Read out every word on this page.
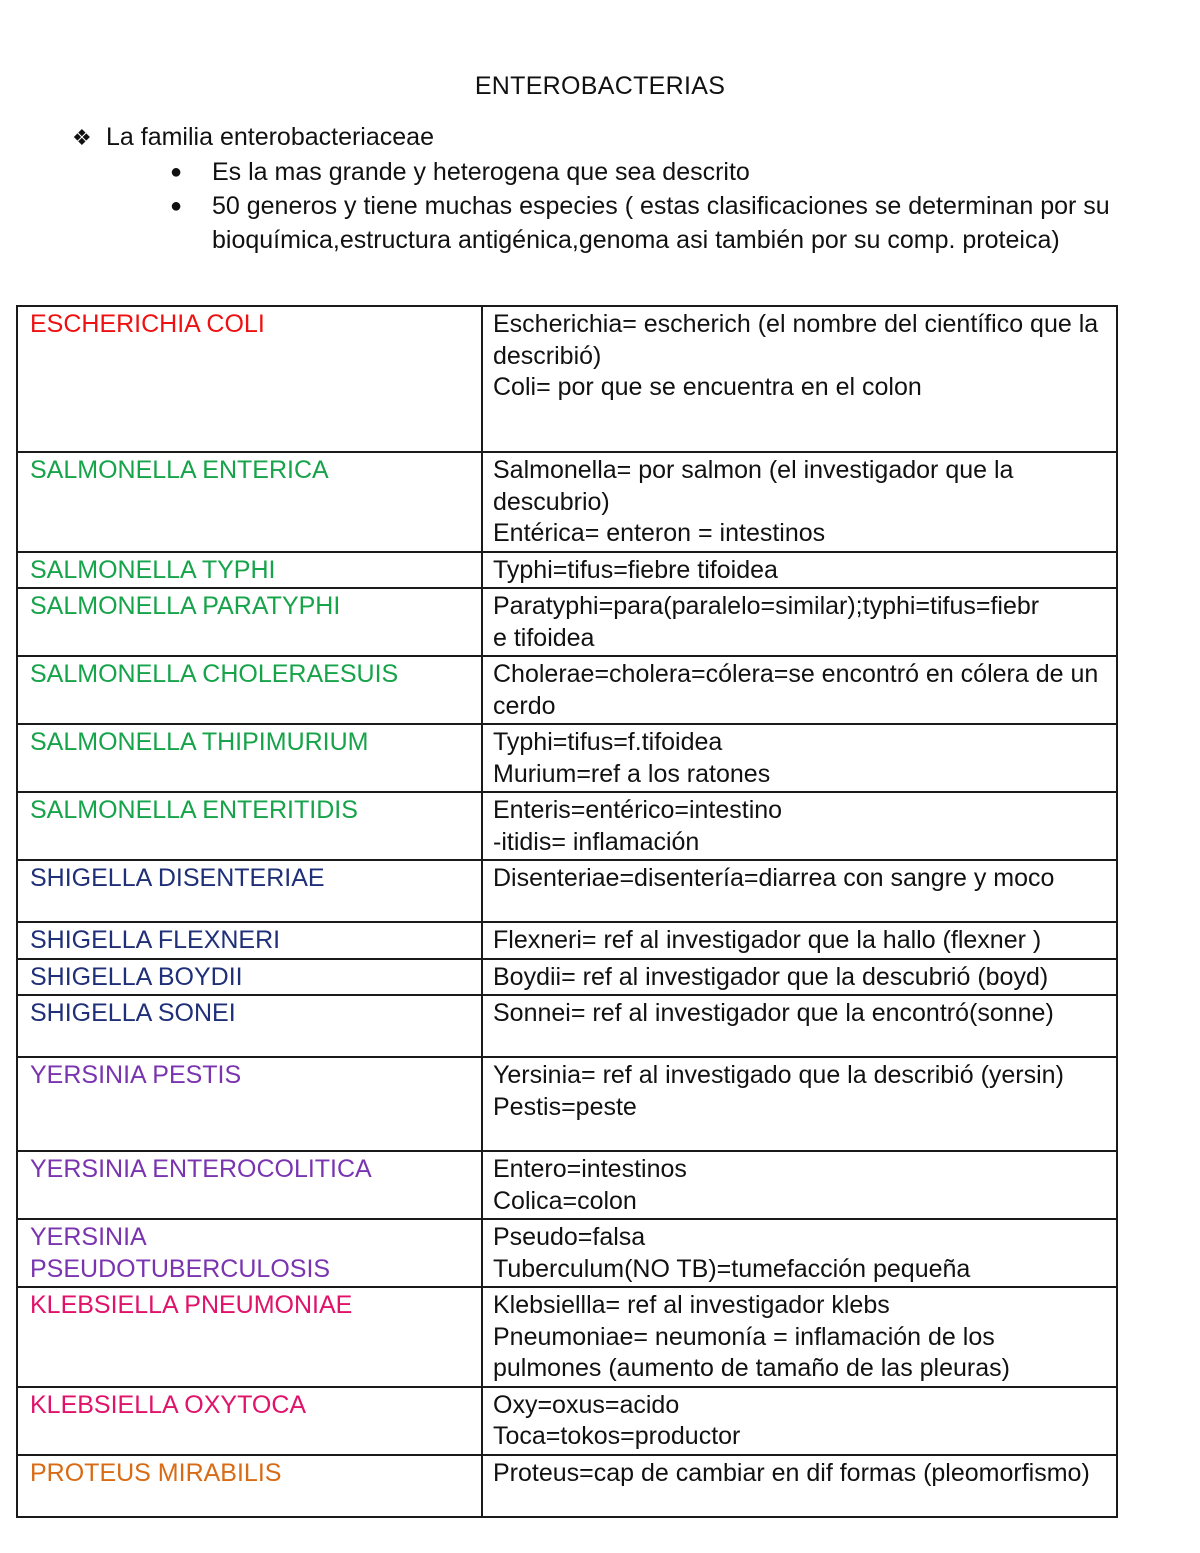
ENTEROBACTERIAS
❖ La familia enterobacteriaceae
●	Es la mas grande y heterogena que sea descrito
●	50 generos y tiene muchas especies ( estas clasificaciones se determinan por su bioquímica,estructura antigénica,genoma asi también por su comp. proteica)
ESCHERICHIA COLI	Escherichia= escherich (el nombre del científico que la describió)
Coli= por que se encuentra en el colon

SALMONELLA ENTERICA	Salmonella= por salmon (el investigador que la descubrio)
Entérica= enteron = intestinos

SALMONELLA TYPHI	Typhi=tifus=fiebre tifoidea

SALMONELLA PARATYPHI	Paratyphi=para(paralelo=similar);typhi=tifus=fiebr
e tifoidea

SALMONELLA CHOLERAESUIS	Cholerae=cholera=cólera=se encontró en cólera de un cerdo

SALMONELLA THIPIMURIUM	Typhi=tifus=f.tifoidea
Murium=ref a los ratones

SALMONELLA ENTERITIDIS	Enteris=entérico=intestino
-itidis= inflamación

SHIGELLA DISENTERIAE	Disenteriae=disentería=diarrea con sangre y moco

SHIGELLA FLEXNERI	Flexneri= ref al investigador que la hallo (flexner )

SHIGELLA BOYDII	Boydii= ref al investigador que la descubrió (boyd)

SHIGELLA SONEI	Sonnei= ref al investigador que la encontró(sonne)

YERSINIA PESTIS	Yersinia= ref al investigado que la describió (yersin)
Pestis=peste

YERSINIA ENTEROCOLITICA	Entero=intestinos
Colica=colon

YERSINIA
PSEUDOTUBERCULOSIS	Pseudo=falsa
Tuberculum(NO TB)=tumefacción pequeña

KLEBSIELLA PNEUMONIAE	Klebsiellla= ref al investigador klebs
Pneumoniae= neumonía = inflamación de los pulmones (aumento de tamaño de las pleuras)

KLEBSIELLA OXYTOCA	Oxy=oxus=acido
Toca=tokos=productor

PROTEUS MIRABILIS	Proteus=cap de cambiar en dif formas (pleomorfismo)
